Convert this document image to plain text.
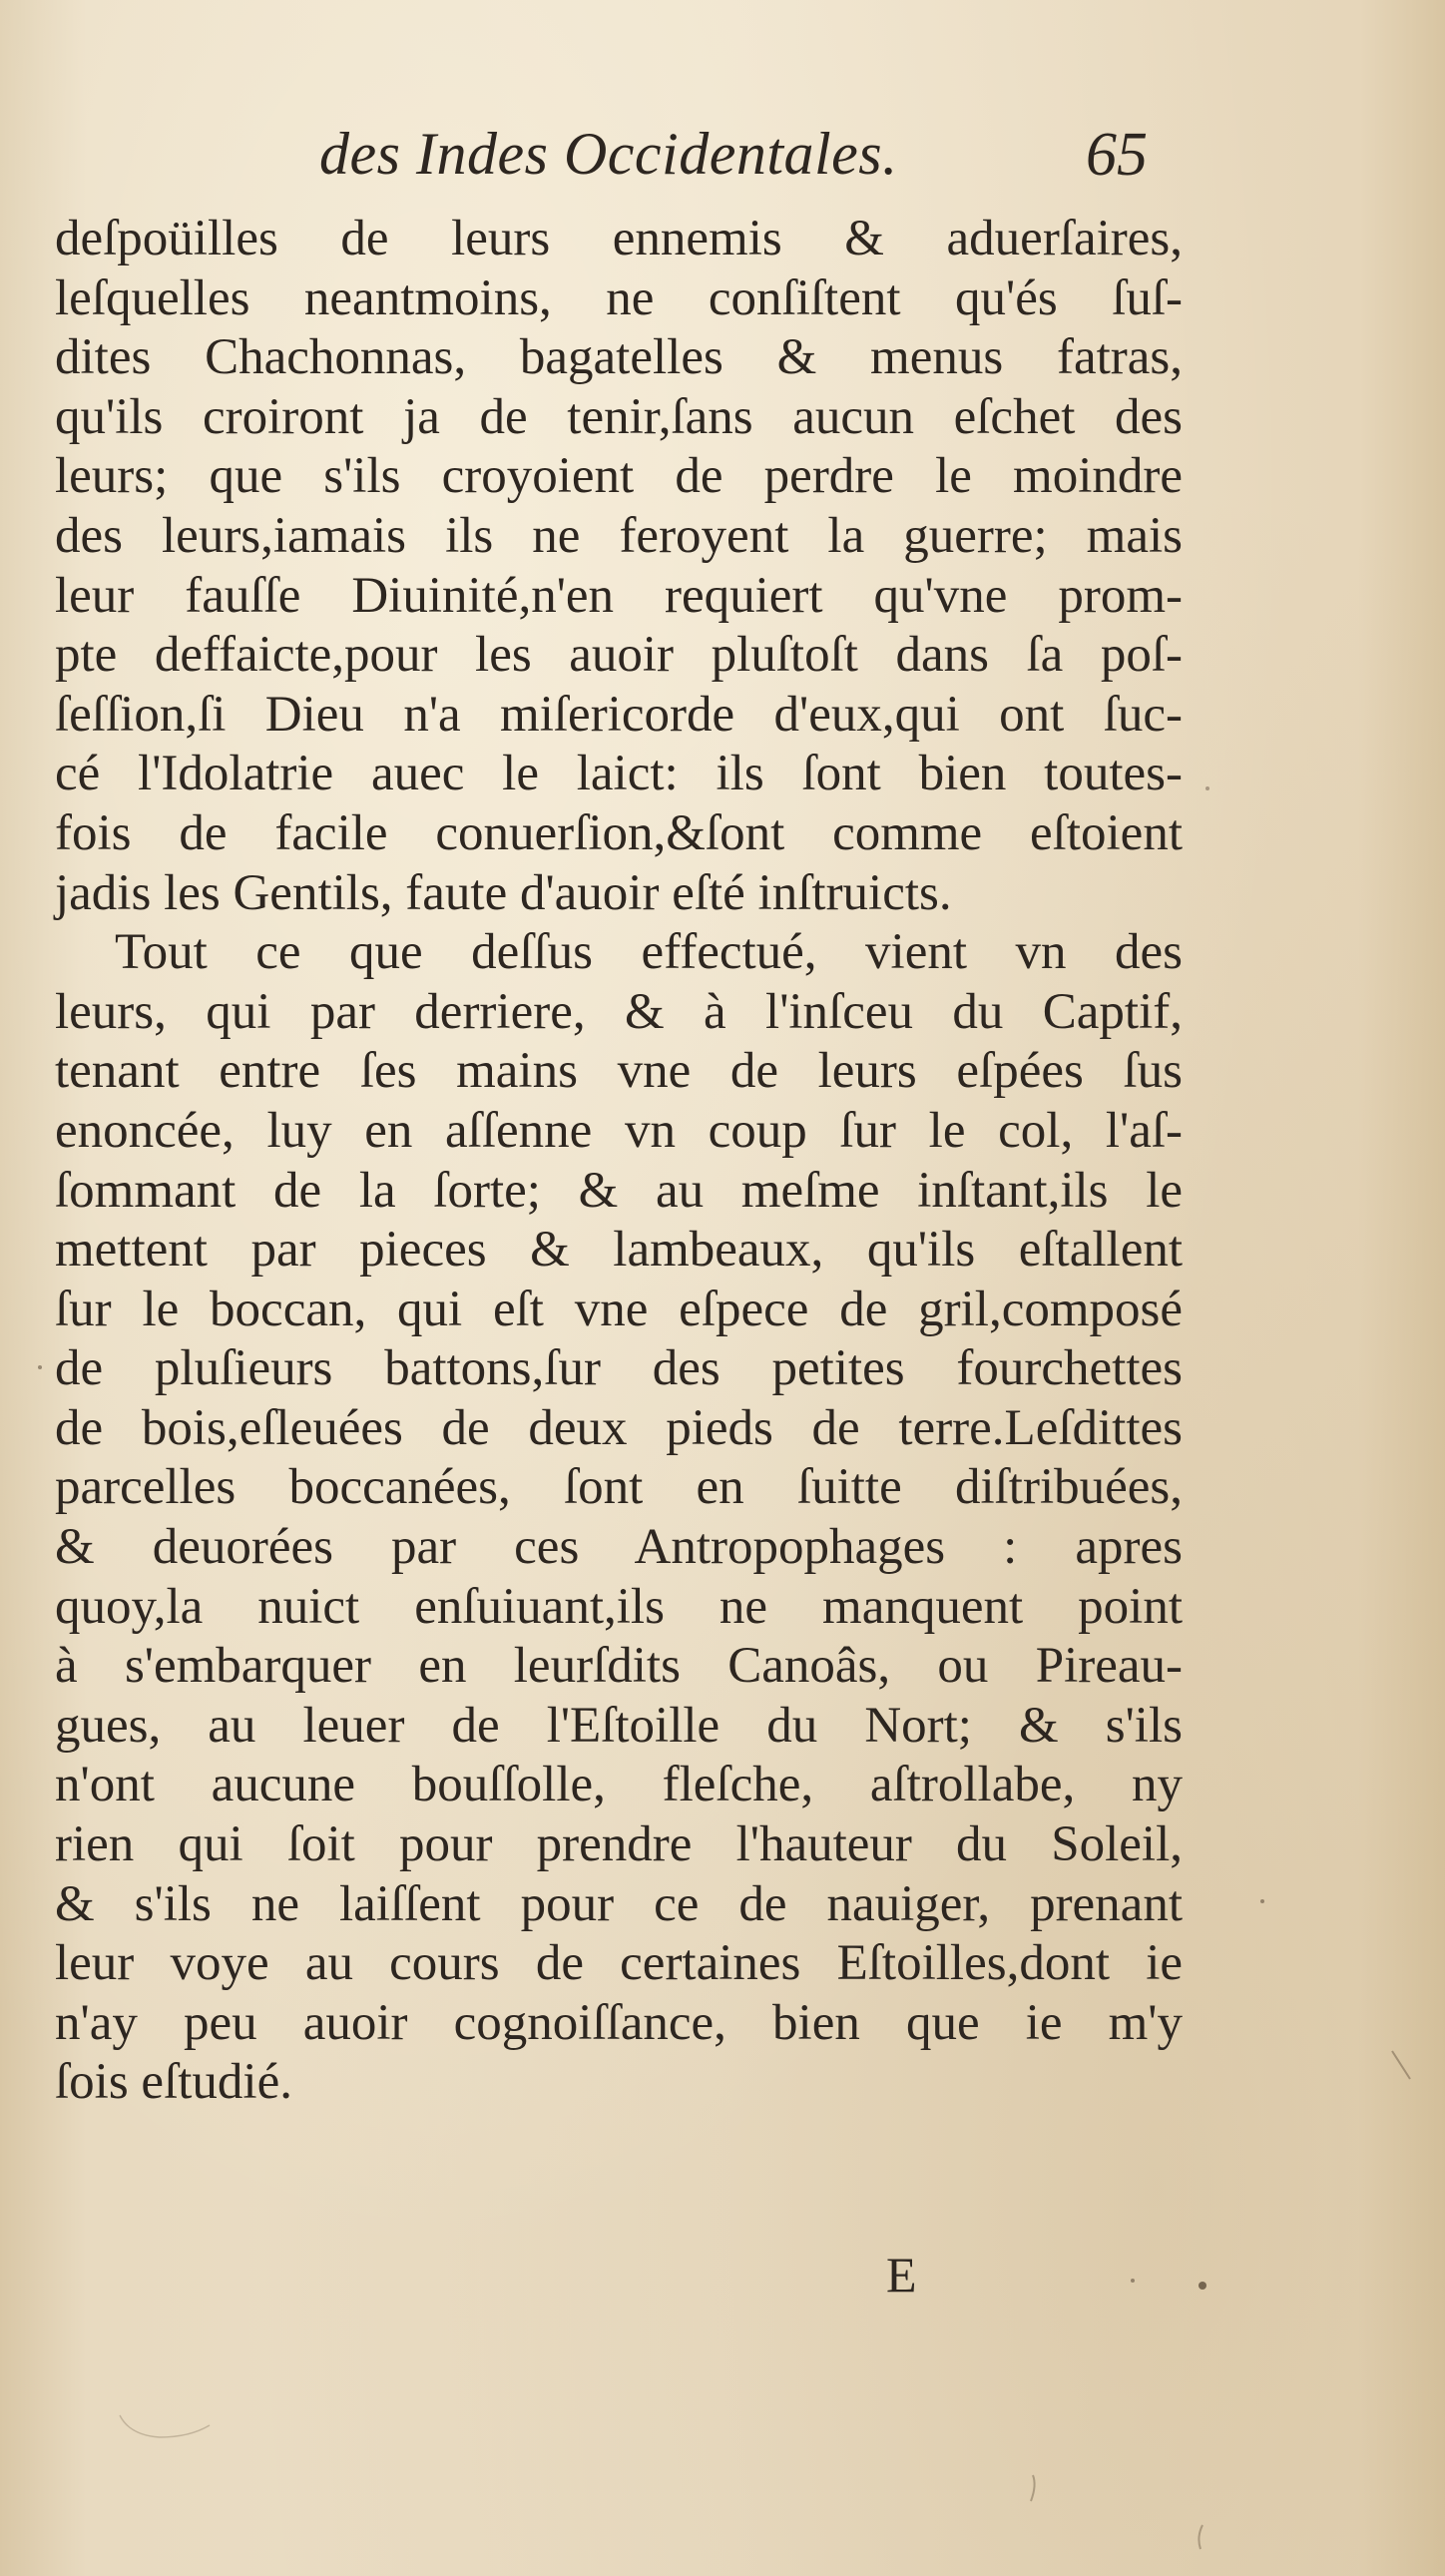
des Indes Occidentales.	65
deſpoüilles de leurs ennemis & aduerſaires,
leſquelles neantmoins, ne conſiſtent qu'és ſuſ-
dites Chachonnas, bagatelles & menus fatras,
qu'ils croiront ja de tenir,ſans aucun eſchet des
leurs; que s'ils croyoient de perdre le moindre
des leurs,iamais ils ne feroyent la guerre; mais
leur fauſſe Diuinité,n'en requiert qu'vne prom-
pte deffaicte,pour les auoir pluſtoſt dans ſa poſ-
ſeſſion,ſi Dieu n'a miſericorde d'eux,qui ont ſuc-
cé l'Idolatrie auec le laict: ils ſont bien toutes-
fois de facile conuerſion,&ſont comme eſtoient
jadis les Gentils, faute d'auoir eſté inſtruicts.
Tout ce que deſſus effectué, vient vn des
leurs, qui par derriere, & à l'inſceu du Captif,
tenant entre ſes mains vne de leurs eſpées ſus
enoncée, luy en aſſenne vn coup ſur le col, l'aſ-
ſommant de la ſorte; & au meſme inſtant,ils le
mettent par pieces & lambeaux, qu'ils eſtallent
ſur le boccan, qui eſt vne eſpece de gril,composé
de pluſieurs battons,ſur des petites fourchettes
de bois,eſleuées de deux pieds de terre.Leſdittes
parcelles boccanées, ſont en ſuitte diſtribuées,
& deuorées par ces Antropophages : apres
quoy,la nuict enſuiuant,ils ne manquent point
à s'embarquer en leurſdits Canoâs, ou Pireau-
gues, au leuer de l'Eſtoille du Nort; & s'ils
n'ont aucune bouſſolle, fleſche, aſtrollabe, ny
rien qui ſoit pour prendre l'hauteur du Soleil,
& s'ils ne laiſſent pour ce de nauiger, prenant
leur voye au cours de certaines Eſtoilles,dont ie
n'ay peu auoir cognoiſſance, bien que ie m'y
ſois eſtudié.
E
